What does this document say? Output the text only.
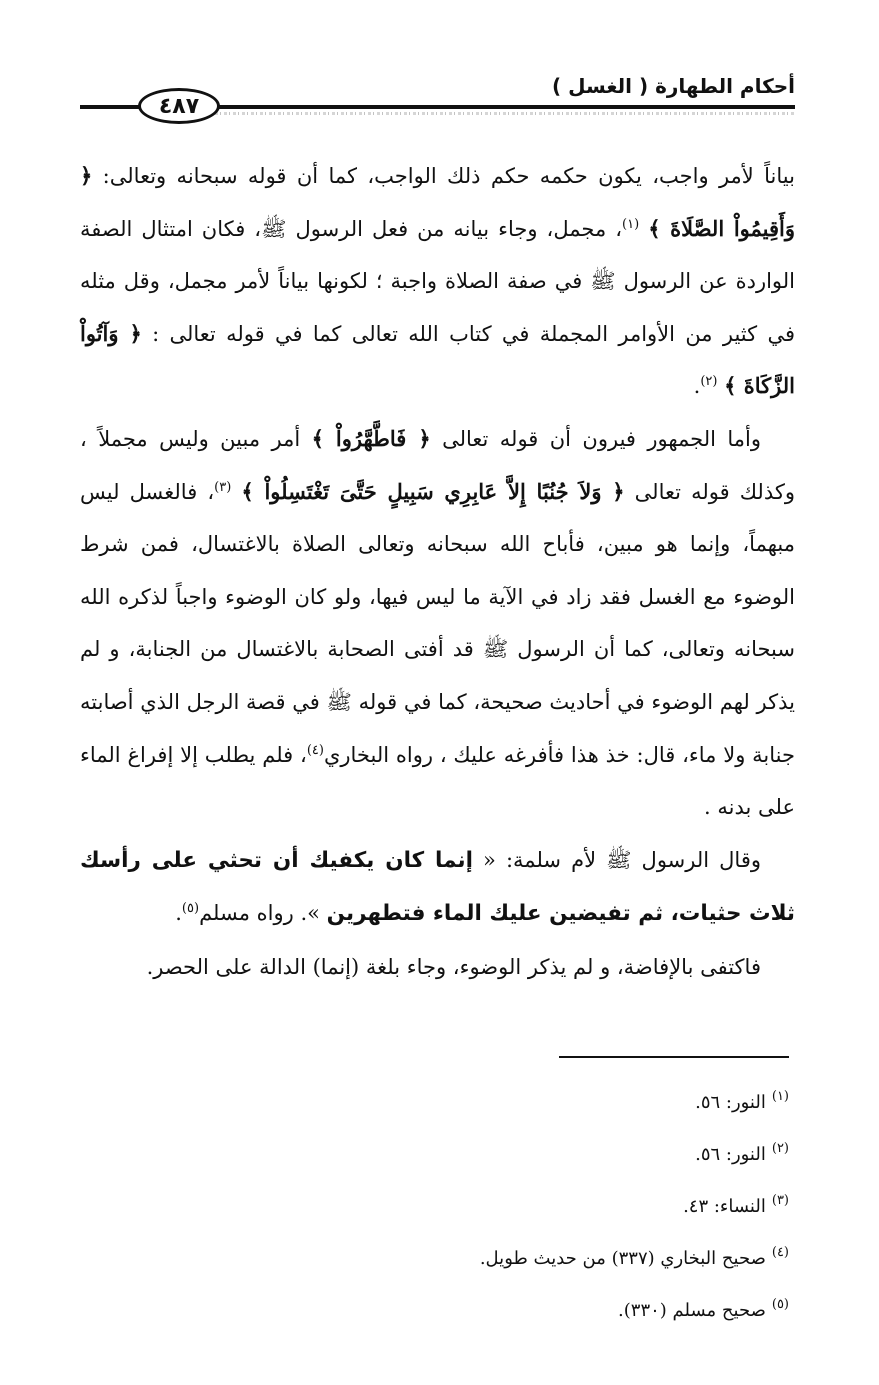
أحكام الطهارة ( الغسل )
٤٨٧

بياناً لأمر واجب، يكون حكمه حكم ذلك الواجب، كما أن قوله سبحانه وتعالى: ﴿ وَأَقِيمُواْ الصَّلَاةَ ﴾ $^{(١)}$، مجمل، وجاء بيانه من فعل الرسول ﷺ، فكان امتثال الصفة الواردة عن الرسول ﷺ في صفة الصلاة واجبة ؛ لكونها بياناً لأمر مجمل، وقل مثله في كثير من الأوامر المجملة في كتاب الله تعالى كما في قوله تعالى : ﴿ وَآتُواْ الزَّكَاةَ ﴾ $^{(٢)}$.

وأما الجمهور فيرون أن قوله تعالى ﴿ فَاطَّهَّرُواْ ﴾ أمر مبين وليس مجملاً ، وكذلك قوله تعالى ﴿ وَلاَ جُنُبًا إِلاَّ عَابِرِي سَبِيلٍ حَتَّىَ تَغْتَسِلُواْ ﴾ $^{(٣)}$، فالغسل ليس مبهماً، وإنما هو مبين، فأباح الله سبحانه وتعالى الصلاة بالاغتسال، فمن شرط الوضوء مع الغسل فقد زاد في الآية ما ليس فيها، ولو كان الوضوء واجباً لذكره الله سبحانه وتعالى، كما أن الرسول ﷺ قد أفتى الصحابة بالاغتسال من الجنابة، و لم يذكر لهم الوضوء في أحاديث صحيحة، كما في قوله ﷺ في قصة الرجل الذي أصابته جنابة ولا ماء، قال: خذ هذا فأفرغه عليك ، رواه البخاري$^{(٤)}$، فلم يطلب إلا إفراغ الماء على بدنه .

وقال الرسول ﷺ لأم سلمة: « إنما كان يكفيك أن تحثي على رأسك ثلاث حثيات، ثم تفيضين عليك الماء فتطهرين ». رواه مسلم$^{(٥)}$.

فاكتفى بالإفاضة، و لم يذكر الوضوء، وجاء بلغة (إنما) الدالة على الحصر.

(١)
النور: ٥٦.
(٢)
النور: ٥٦.
(٣)
النساء: ٤٣.
(٤)
صحيح البخاري (٣٣٧) من حديث طويل.
(٥)
صحيح مسلم (٣٣٠).
